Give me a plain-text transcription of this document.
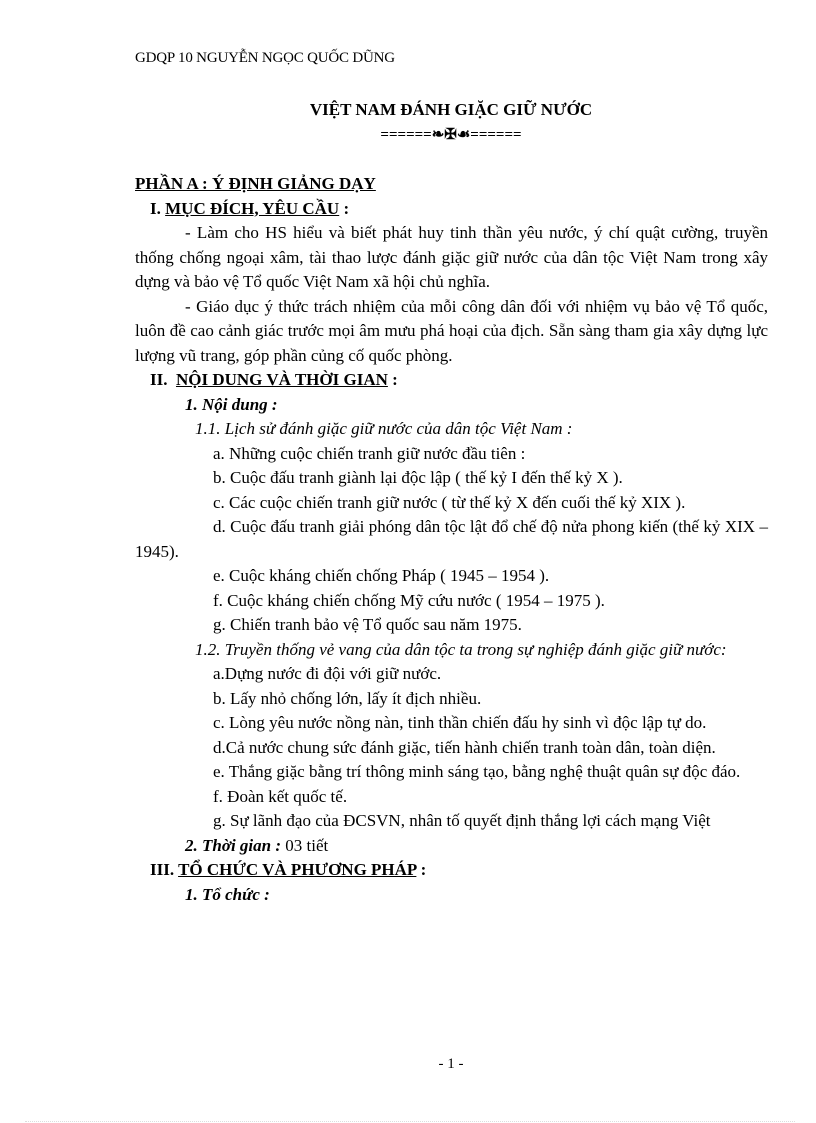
GDQP 10 NGUYỄN NGỌC QUỐC DŨNG
VIỆT NAM ĐÁNH GIẶC GIỮ NƯỚC
======❧✠☙======

PHẦN A : Ý ĐỊNH GIẢNG DẠY

I. MỤC ĐÍCH, YÊU CẦU :

- Làm cho HS hiểu và biết phát huy tinh thần yêu nước, ý chí quật cường, truyền thống chống ngoại xâm, tài thao lược đánh giặc giữ nước của dân tộc Việt Nam trong xây dựng và bảo vệ Tổ quốc Việt Nam xã hội chủ nghĩa.

- Giáo dục ý thức trách nhiệm của mỗi công dân đối với nhiệm vụ bảo vệ Tổ quốc, luôn đề cao cảnh giác trước mọi âm mưu phá hoại của địch. Sẵn sàng tham gia xây dựng lực lượng vũ trang, góp phần củng cố quốc phòng.

II. NỘI DUNG VÀ THỜI GIAN :

1. Nội dung :

1.1. Lịch sử đánh giặc giữ nước của dân tộc Việt Nam :

a. Những cuộc chiến tranh giữ nước đầu tiên :

b. Cuộc đấu tranh giành lại độc lập ( thế kỷ I đến thế kỷ X ).

c. Các cuộc chiến tranh giữ nước ( từ thế kỷ X đến cuối thế kỷ XIX ).

d. Cuộc đấu tranh giải phóng dân tộc lật đổ chế độ nửa phong kiến (thế kỷ XIX – 1945).

e. Cuộc kháng chiến chống Pháp ( 1945 – 1954 ).

f. Cuộc kháng chiến chống Mỹ cứu nước ( 1954 – 1975 ).

g. Chiến tranh bảo vệ Tổ quốc sau năm 1975.

1.2. Truyền thống vẻ vang của dân tộc ta trong sự nghiệp đánh giặc giữ nước:

a.Dựng nước đi đội với giữ nước.

b. Lấy nhỏ chống lớn, lấy ít địch nhiều.

c. Lòng yêu nước nồng nàn, tinh thần chiến đấu hy sinh vì độc lập tự do.

d.Cả nước chung sức đánh giặc, tiến hành chiến tranh toàn dân, toàn diện.

e. Thắng giặc bằng trí thông minh sáng tạo, bằng nghệ thuật quân sự độc đáo.

f. Đoàn kết quốc tế.

g. Sự lãnh đạo của ĐCSVN, nhân tố quyết định thắng lợi cách mạng Việt

2. Thời gian : 03 tiết

III. TỔ CHỨC VÀ PHƯƠNG PHÁP :

1. Tổ chức :

- 1 -
